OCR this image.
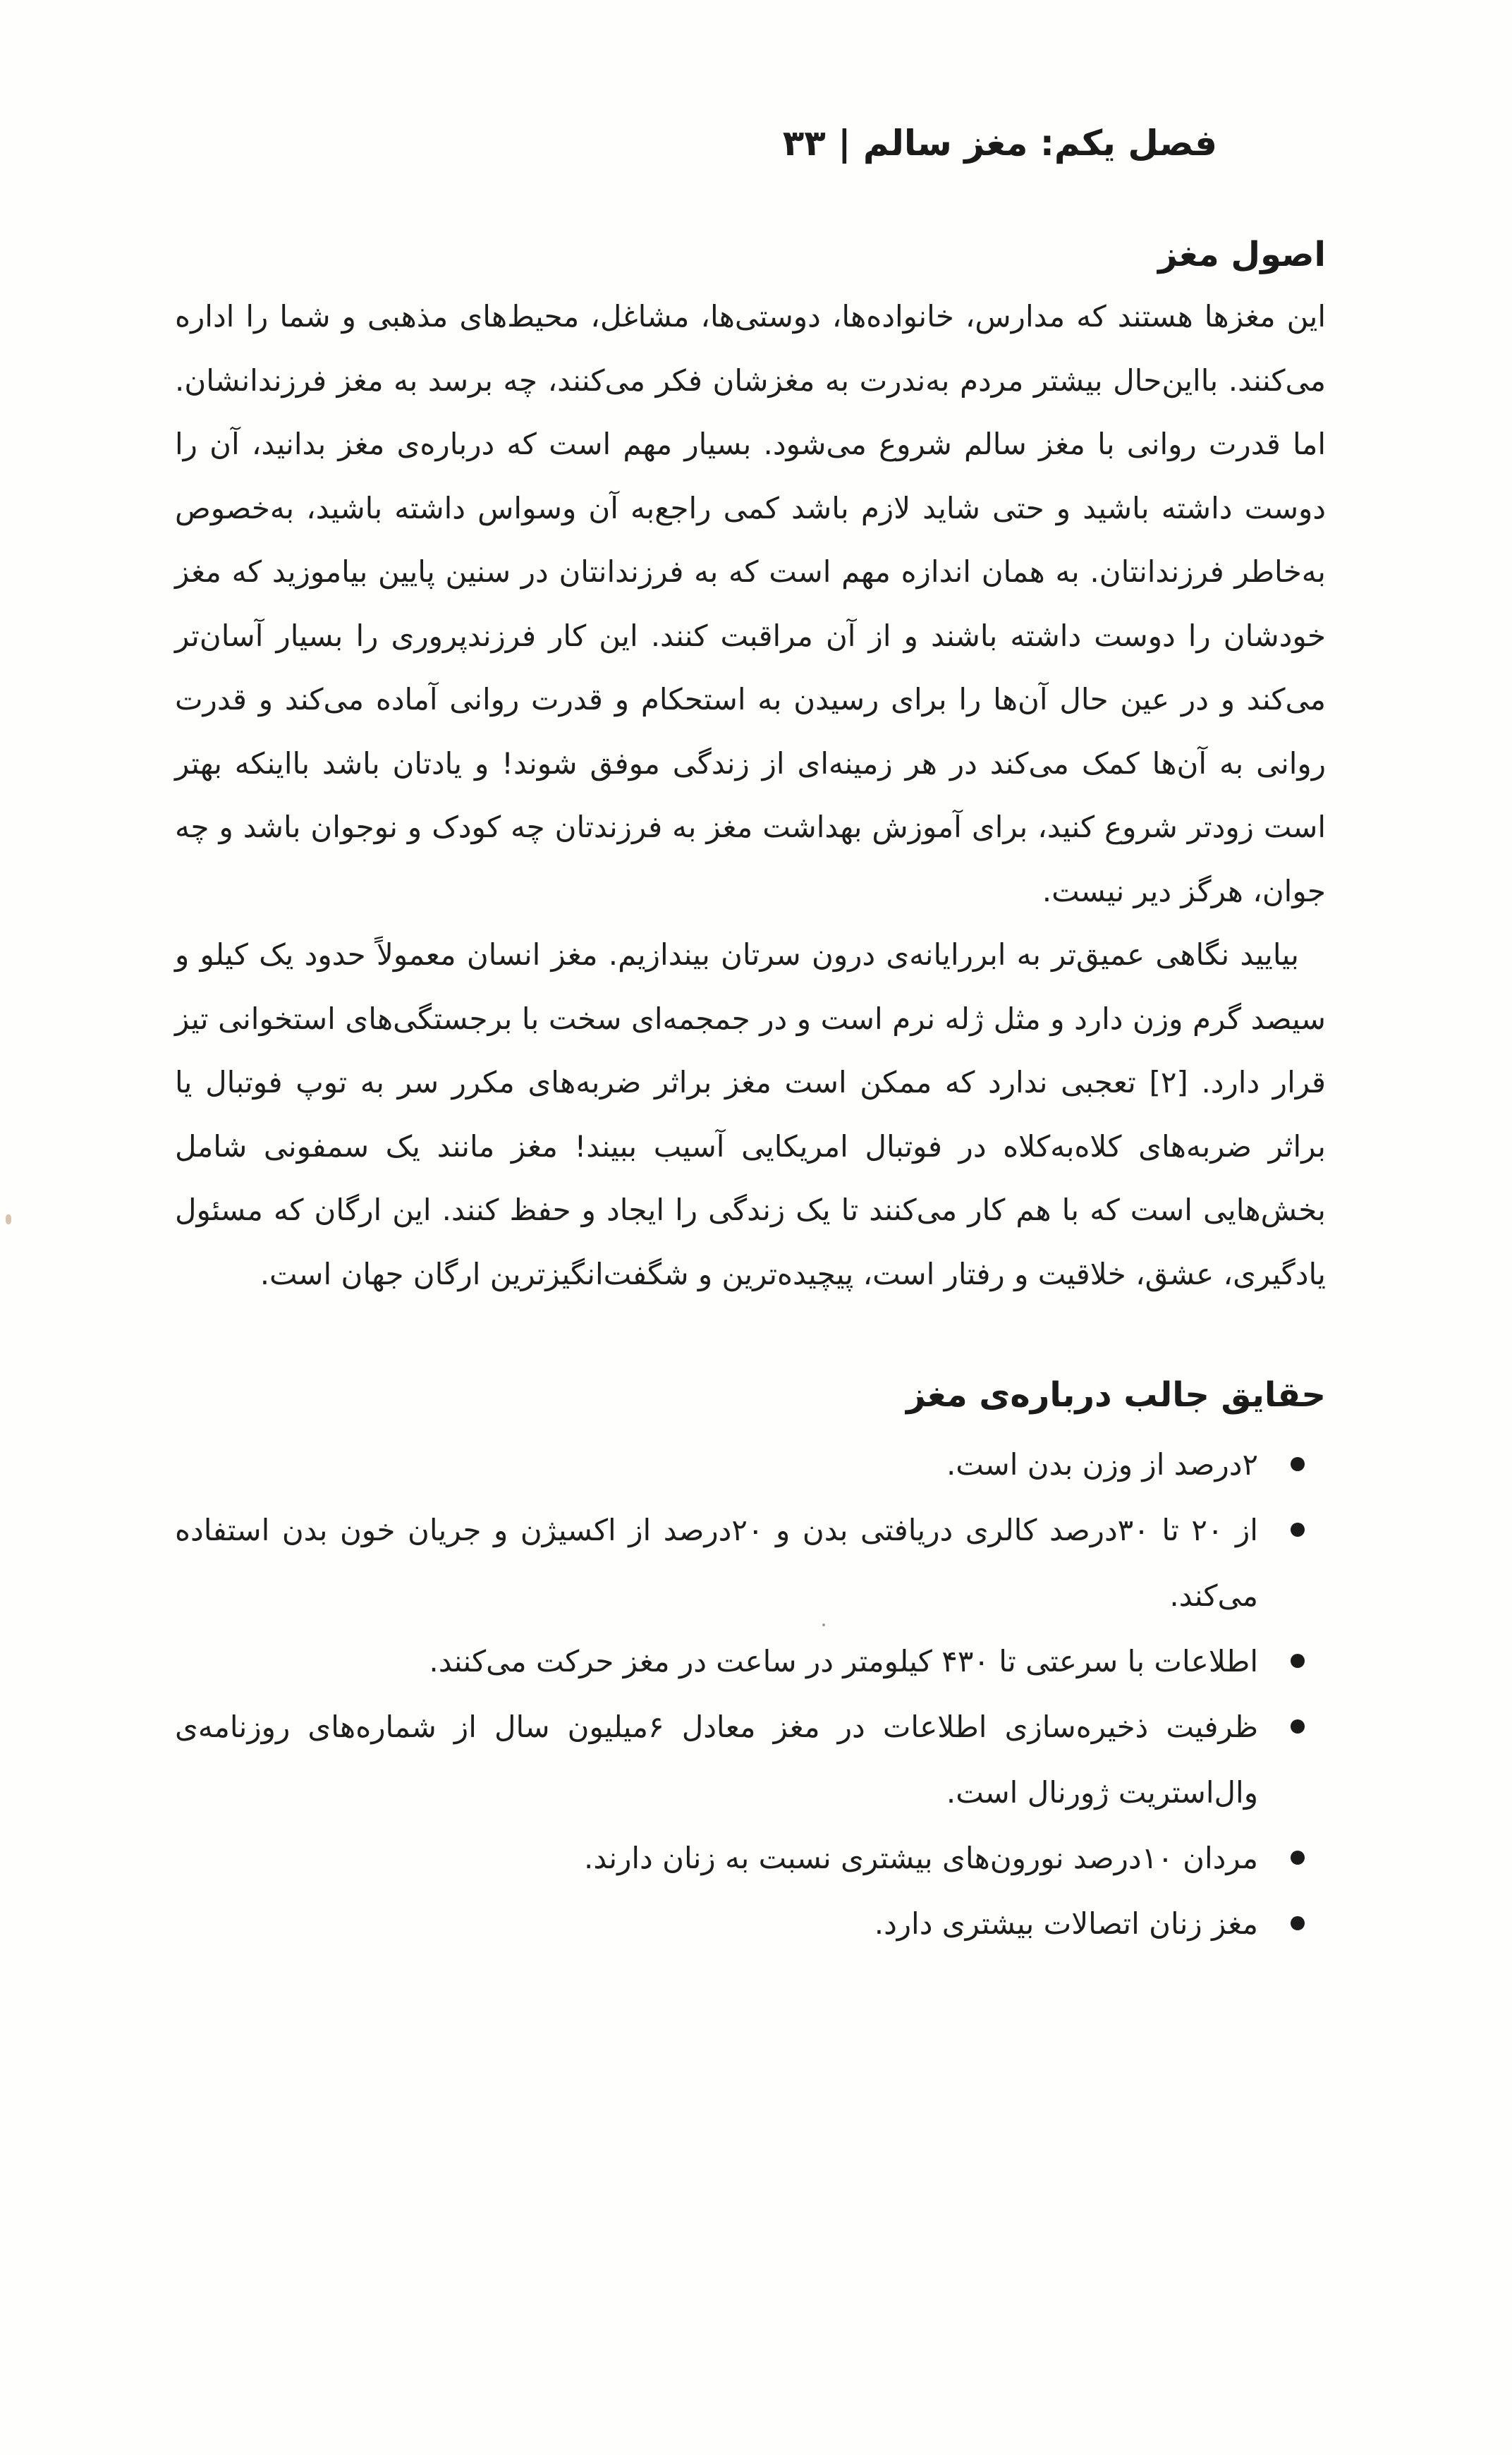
فصل یکم: مغز سالم | ۳۳
اصول مغز

این مغزها هستند که مدارس، خانواده‌ها، دوستی‌ها، مشاغل، محیط‌های مذهبی و شما را اداره می‌کنند. بااین‌حال بیشتر مردم به‌ندرت به مغزشان فکر می‌کنند، چه برسد به مغز فرزندانشان. اما قدرت روانی با مغز سالم شروع می‌شود. بسیار مهم است که درباره‌ی مغز بدانید، آن را دوست داشته باشید و حتی شاید لازم باشد کمی راجع‌به آن وسواس داشته باشید، به‌خصوص به‌خاطر فرزندانتان. به همان اندازه مهم است که به فرزندانتان در سنین پایین بیاموزید که مغز خودشان را دوست داشته باشند و از آن مراقبت کنند. این کار فرزندپروری را بسیار آسان‌تر می‌کند و در عین حال آن‌ها را برای رسیدن به استحکام و قدرت روانی آماده می‌کند و قدرت روانی به آن‌ها کمک می‌کند در هر زمینه‌ای از زندگی موفق شوند! و یادتان باشد بااینکه بهتر است زودتر شروع کنید، برای آموزش بهداشت مغز به فرزندتان چه کودک و نوجوان باشد و چه جوان، هرگز دیر نیست.

بیایید نگاهی عمیق‌تر به ابررایانه‌ی درون سرتان بیندازیم. مغز انسان معمولاً حدود یک کیلو و سیصد گرم وزن دارد و مثل ژله نرم است و در جمجمه‌ای سخت با برجستگی‌های استخوانی تیز قرار دارد. [۲] تعجبی ندارد که ممکن است مغز براثر ضربه‌های مکرر سر به توپ فوتبال یا براثر ضربه‌های کلاه‌به‌کلاه در فوتبال امریکایی آسیب ببیند! مغز مانند یک سمفونی شامل بخش‌هایی است که با هم کار می‌کنند تا یک زندگی را ایجاد و حفظ کنند. این ارگان که مسئول یادگیری، عشق، خلاقیت و رفتار است، پیچیده‌ترین و شگفت‌انگیزترین ارگان جهان است.

حقایق جالب درباره‌ی مغز
۲درصد از وزن بدن است.
از ۲۰ تا ۳۰درصد کالری دریافتی بدن و ۲۰درصد از اکسیژن و جریان خون بدن استفاده می‌کند.
اطلاعات با سرعتی تا ۴۳۰ کیلومتر در ساعت در مغز حرکت می‌کنند.
ظرفیت ذخیره‌سازی اطلاعات در مغز معادل ۶میلیون سال از شماره‌های روزنامه‌ی وال‌استریت ژورنال است.
مردان ۱۰درصد نورون‌های بیشتری نسبت به زنان دارند.
مغز زنان اتصالات بیشتری دارد.
